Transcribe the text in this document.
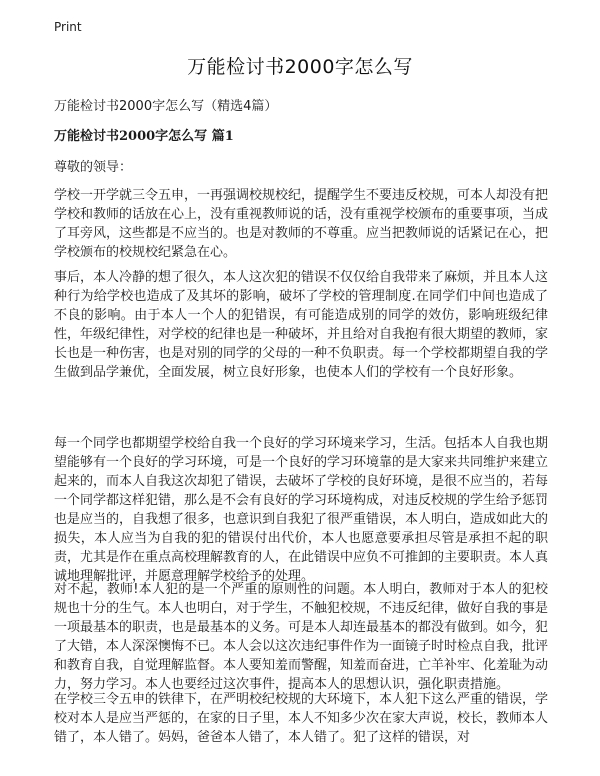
Print
万能检讨书2000字怎么写
万能检讨书2000字怎么写（精选4篇）
万能检讨书2000字怎么写 篇1
尊敬的领导：

学校一开学就三令五申，一再强调校规校纪，提醒学生不要违反校规，可本人却没有把学校和教师的话放在心上，没有重视教师说的话，没有重视学校颁布的重要事项，当成了耳旁风，这些都是不应当的。也是对教师的不尊重。应当把教师说的话紧记在心，把学校颁布的校规校纪紧急在心。

事后，本人冷静的想了很久，本人这次犯的错误不仅仅给自我带来了麻烦，并且本人这种行为给学校也造成了及其坏的影响，破坏了学校的管理制度.在同学们中间也造成了不良的影响。由于本人一个人的犯错误，有可能造成别的同学的效仿，影响班级纪律性，年级纪律性，对学校的纪律也是一种破坏，并且给对自我抱有很大期望的教师，家长也是一种伤害，也是对别的同学的父母的一种不负职责。每一个学校都期望自我的学生做到品学兼优，全面发展，树立良好形象，也使本人们的学校有一个良好形象。

每一个同学也都期望学校给自我一个良好的学习环境来学习，生活。包括本人自我也期望能够有一个良好的学习环境，可是一个良好的学习环境靠的是大家来共同维护来建立起来的，而本人自我这次却犯了错误，去破坏了学校的良好环境，是很不应当的，若每一个同学都这样犯错，那么是不会有良好的学习环境构成，对违反校规的学生给予惩罚也是应当的，自我想了很多，也意识到自我犯了很严重错误，本人明白，造成如此大的损失，本人应当为自我的犯的错误付出代价，本人也愿意要承担尽管是承担不起的职责，尤其是作在重点高校理解教育的人，在此错误中应负不可推卸的主要职责。本人真诚地理解批评，并愿意理解学校给予的处理。

对不起，教师!本人犯的是一个严重的原则性的问题。本人明白，教师对于本人的犯校规也十分的生气。本人也明白，对于学生，不触犯校规，不违反纪律，做好自我的事是一项最基本的职责，也是最基本的义务。可是本人却连最基本的都没有做到。如今，犯了大错，本人深深懊悔不已。本人会以这次违纪事件作为一面镜子时时检点自我，批评和教育自我，自觉理解监督。本人要知羞而警醒，知羞而奋进，亡羊补牢、化羞耻为动力，努力学习。本人也要经过这次事件，提高本人的思想认识，强化职责措施。

在学校三令五申的铁律下，在严明校纪校规的大环境下，本人犯下这么严重的错误，学校对本人是应当严惩的，在家的日子里，本人不知多少次在家大声说，校长，教师本人错了，本人错了。妈妈，爸爸本人错了，本人错了。犯了这样的错误，对
